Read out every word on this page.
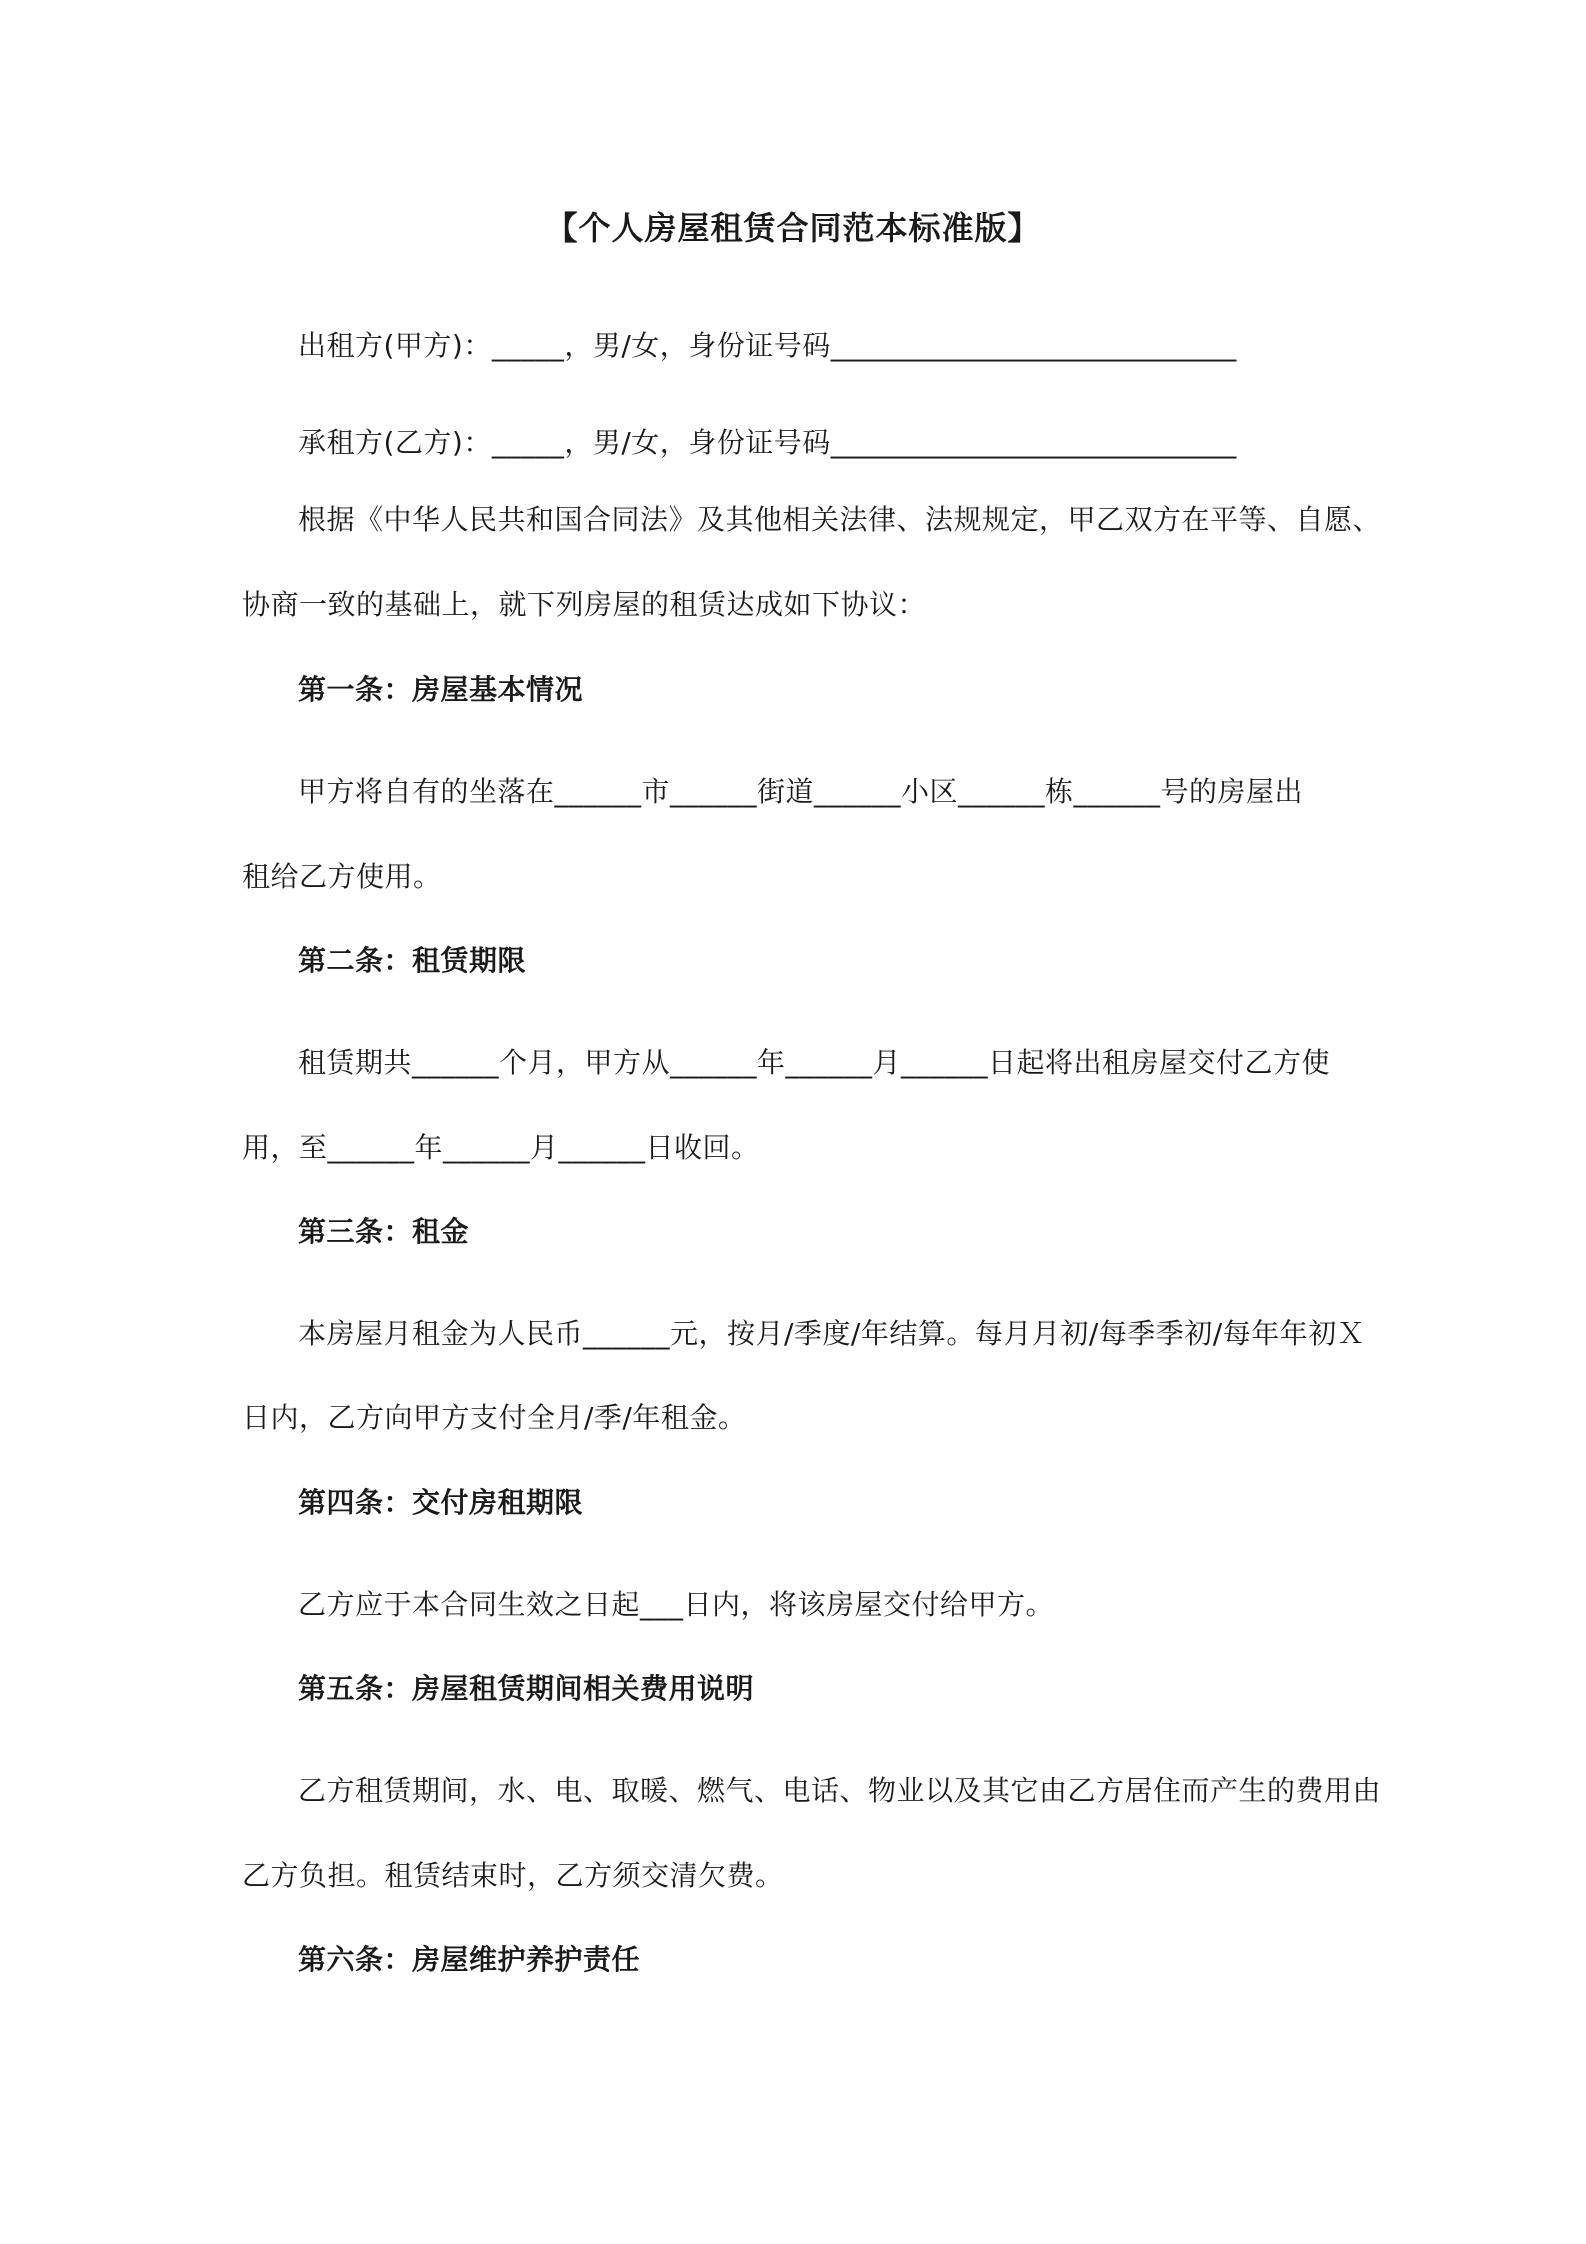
【个人房屋租赁合同范本标准版】
出租方(甲方)：_____，男/女，身份证号码____________________________
承租方(乙方)：_____，男/女，身份证号码____________________________
根据《中华人民共和国合同法》及其他相关法律、法规规定，甲乙双方在平等、自愿、
协商一致的基础上，就下列房屋的租赁达成如下协议：
第一条：房屋基本情况
甲方将自有的坐落在______市______街道______小区______栋______号的房屋出
租给乙方使用。
第二条：租赁期限
租赁期共______个月，甲方从______年______月______日起将出租房屋交付乙方使
用，至______年______月______日收回。
第三条：租金
本房屋月租金为人民币______元，按月/季度/年结算。每月月初/每季季初/每年年初Ｘ
日内，乙方向甲方支付全月/季/年租金。
第四条：交付房租期限
乙方应于本合同生效之日起___日内，将该房屋交付给甲方。
第五条：房屋租赁期间相关费用说明
乙方租赁期间，水、电、取暖、燃气、电话、物业以及其它由乙方居住而产生的费用由
乙方负担。租赁结束时，乙方须交清欠费。
第六条：房屋维护养护责任
